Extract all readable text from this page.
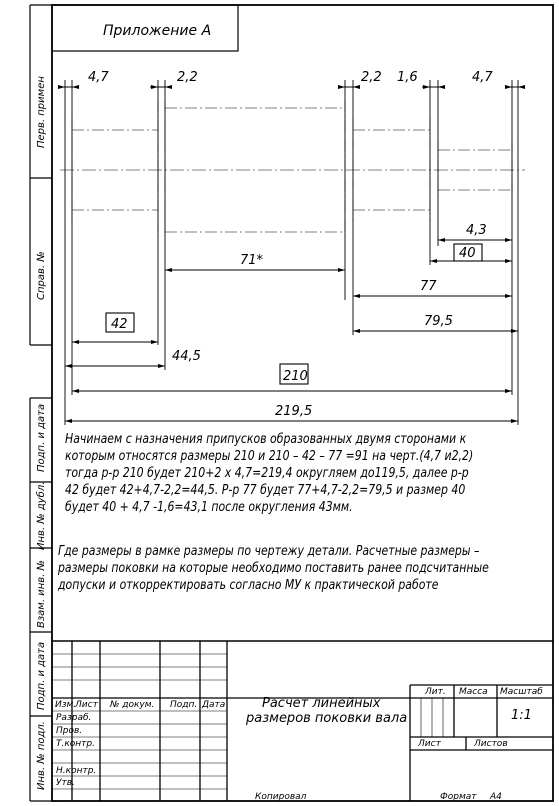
4,7	2,2	2,2 1,6	4,7
4,3
40
71*
77
79,5
42
44,5
210
219,5
Приложение А
Перв. примен
Справ. №
Подп. и дата
Инв. № дубл.
Взам. инв. №
Подп. и дата
Инв. № подл.
Начинаем с назначения припусков образованных двумя сторонами к
которым относятся размеры 210 и 210 – 42 – 77 =91 на черт.(4,7 и2,2)
тогда р-р 210 будет 210+2 х 4,7=219,4 округляем до119,5, далее р-р
42 будет 42+4,7-2,2=44,5. Р-р 77 будет 77+4,7-2,2=79,5 и размер 40
будет 40 + 4,7 -1,6=43,1 после округления 43мм.
Где размеры в рамке размеры по чертежу детали. Расчетные размеры –
размеры поковки на которые необходимо поставить ранее подсчитанные
допуски и откорректировать согласно МУ к практической работе
Изм.
Лист № докум. Подп. Дата
Разраб.
Пров.
Т.контр.
Н.контр.
Утв.
Расчет линейных
размеров поковки вала
Лит. Масса Масштаб
1:1
Лист	Листов
Копировал	Формат А4
